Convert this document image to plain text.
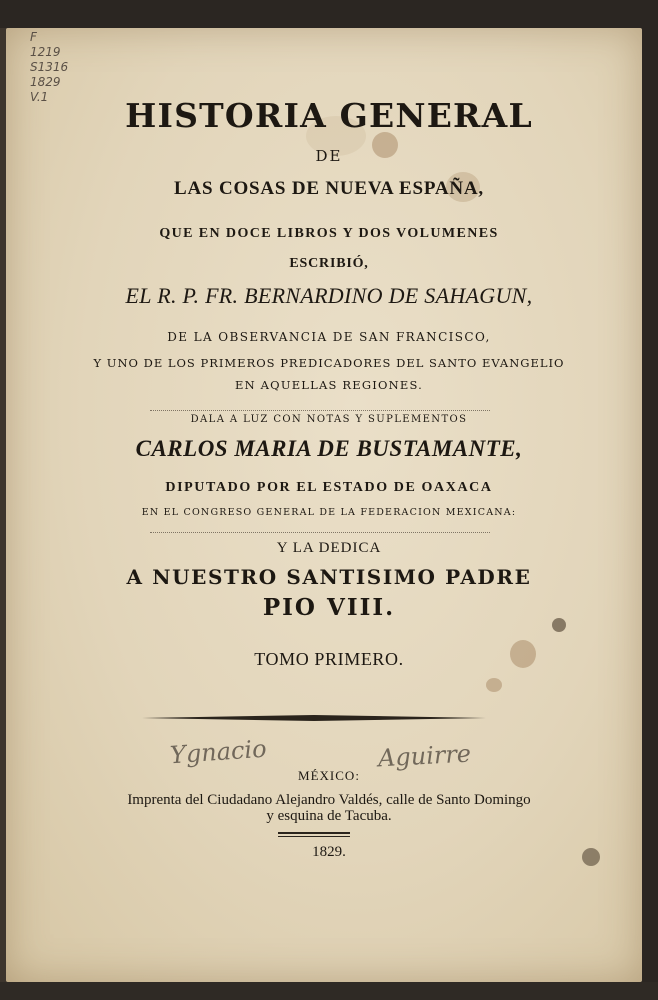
F
1219
S1316
1829
V.1	HISTORIA GENERAL
DE
LAS COSAS DE NUEVA ESPAÑA,
QUE EN DOCE LIBROS Y DOS VOLUMENES
ESCRIBIÓ,
EL R. P. FR. BERNARDINO DE SAHAGUN,
DE LA OBSERVANCIA DE SAN FRANCISCO,
Y UNO DE LOS PRIMEROS PREDICADORES DEL SANTO EVANGELIO
EN AQUELLAS REGIONES.
DALA A LUZ CON NOTAS Y SUPLEMENTOS
CARLOS MARIA DE BUSTAMANTE,
DIPUTADO POR EL ESTADO DE OAXACA
EN EL CONGRESO GENERAL DE LA FEDERACION MEXICANA:
Y LA DEDICA
A NUESTRO SANTISIMO PADRE
PIO VIII.
TOMO PRIMERO.
Ygnacio	Aguirre
MÉXICO:
Imprenta del Ciudadano Alejandro Valdés, calle de Santo Domingo
y esquina de Tacuba.
1829.
